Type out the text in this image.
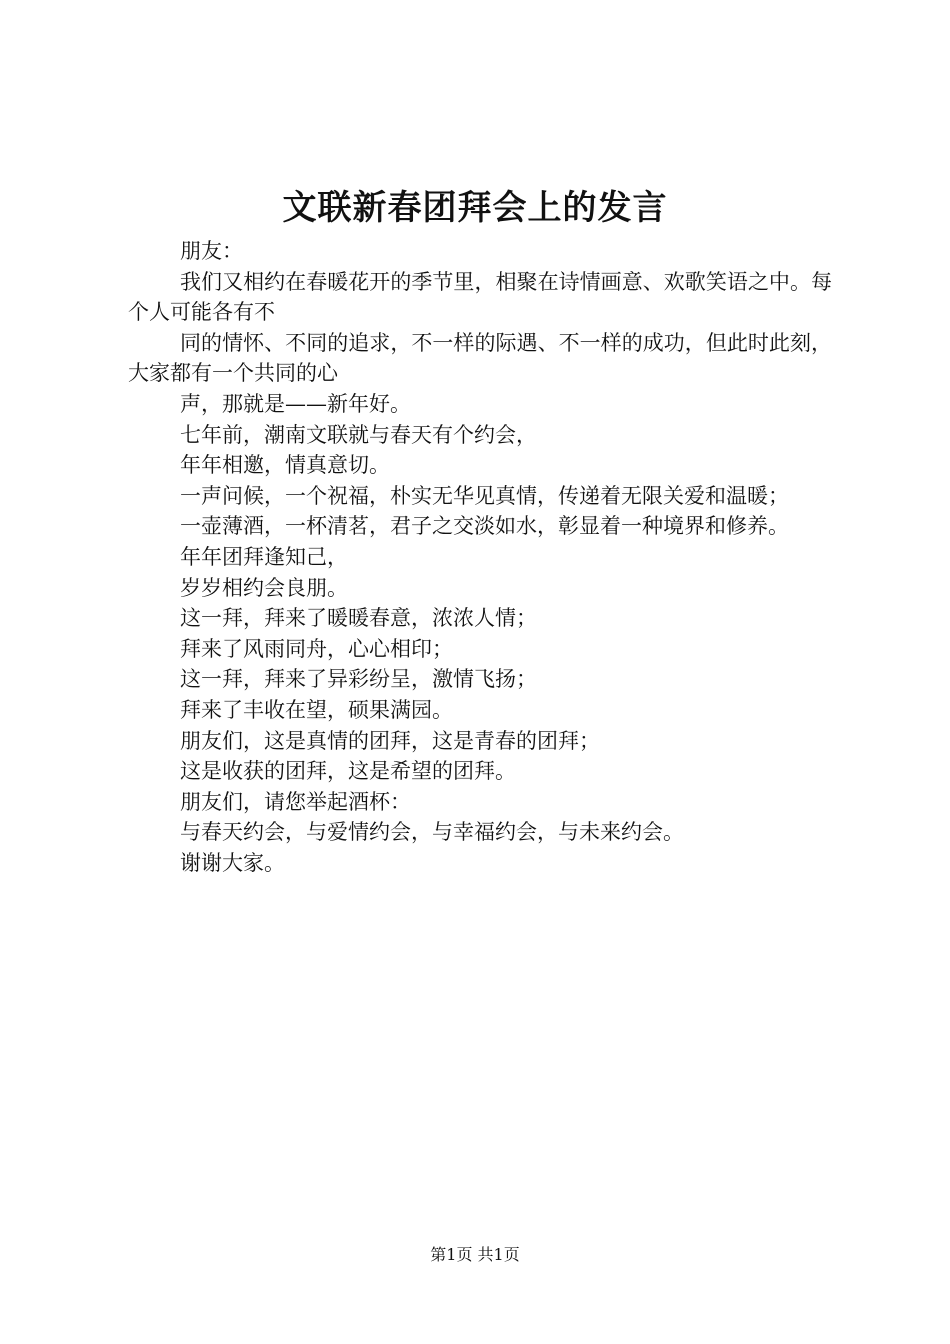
文联新春团拜会上的发言

朋友：

我们又相约在春暖花开的季节里，相聚在诗情画意、欢歌笑语之中。每个人可能各有不

同的情怀、不同的追求，不一样的际遇、不一样的成功，但此时此刻，大家都有一个共同的心

声，那就是——新年好。

七年前，潮南文联就与春天有个约会，

年年相邀，情真意切。

一声问候，一个祝福，朴实无华见真情，传递着无限关爱和温暖；

一壶薄酒，一杯清茗，君子之交淡如水，彰显着一种境界和修养。

年年团拜逢知己，

岁岁相约会良朋。

这一拜，拜来了暖暖春意，浓浓人情；

拜来了风雨同舟，心心相印；

这一拜，拜来了异彩纷呈，激情飞扬；

拜来了丰收在望，硕果满园。

朋友们，这是真情的团拜，这是青春的团拜；

这是收获的团拜，这是希望的团拜。

朋友们，请您举起酒杯：

与春天约会，与爱情约会，与幸福约会，与未来约会。

谢谢大家。

第1页 共1页
